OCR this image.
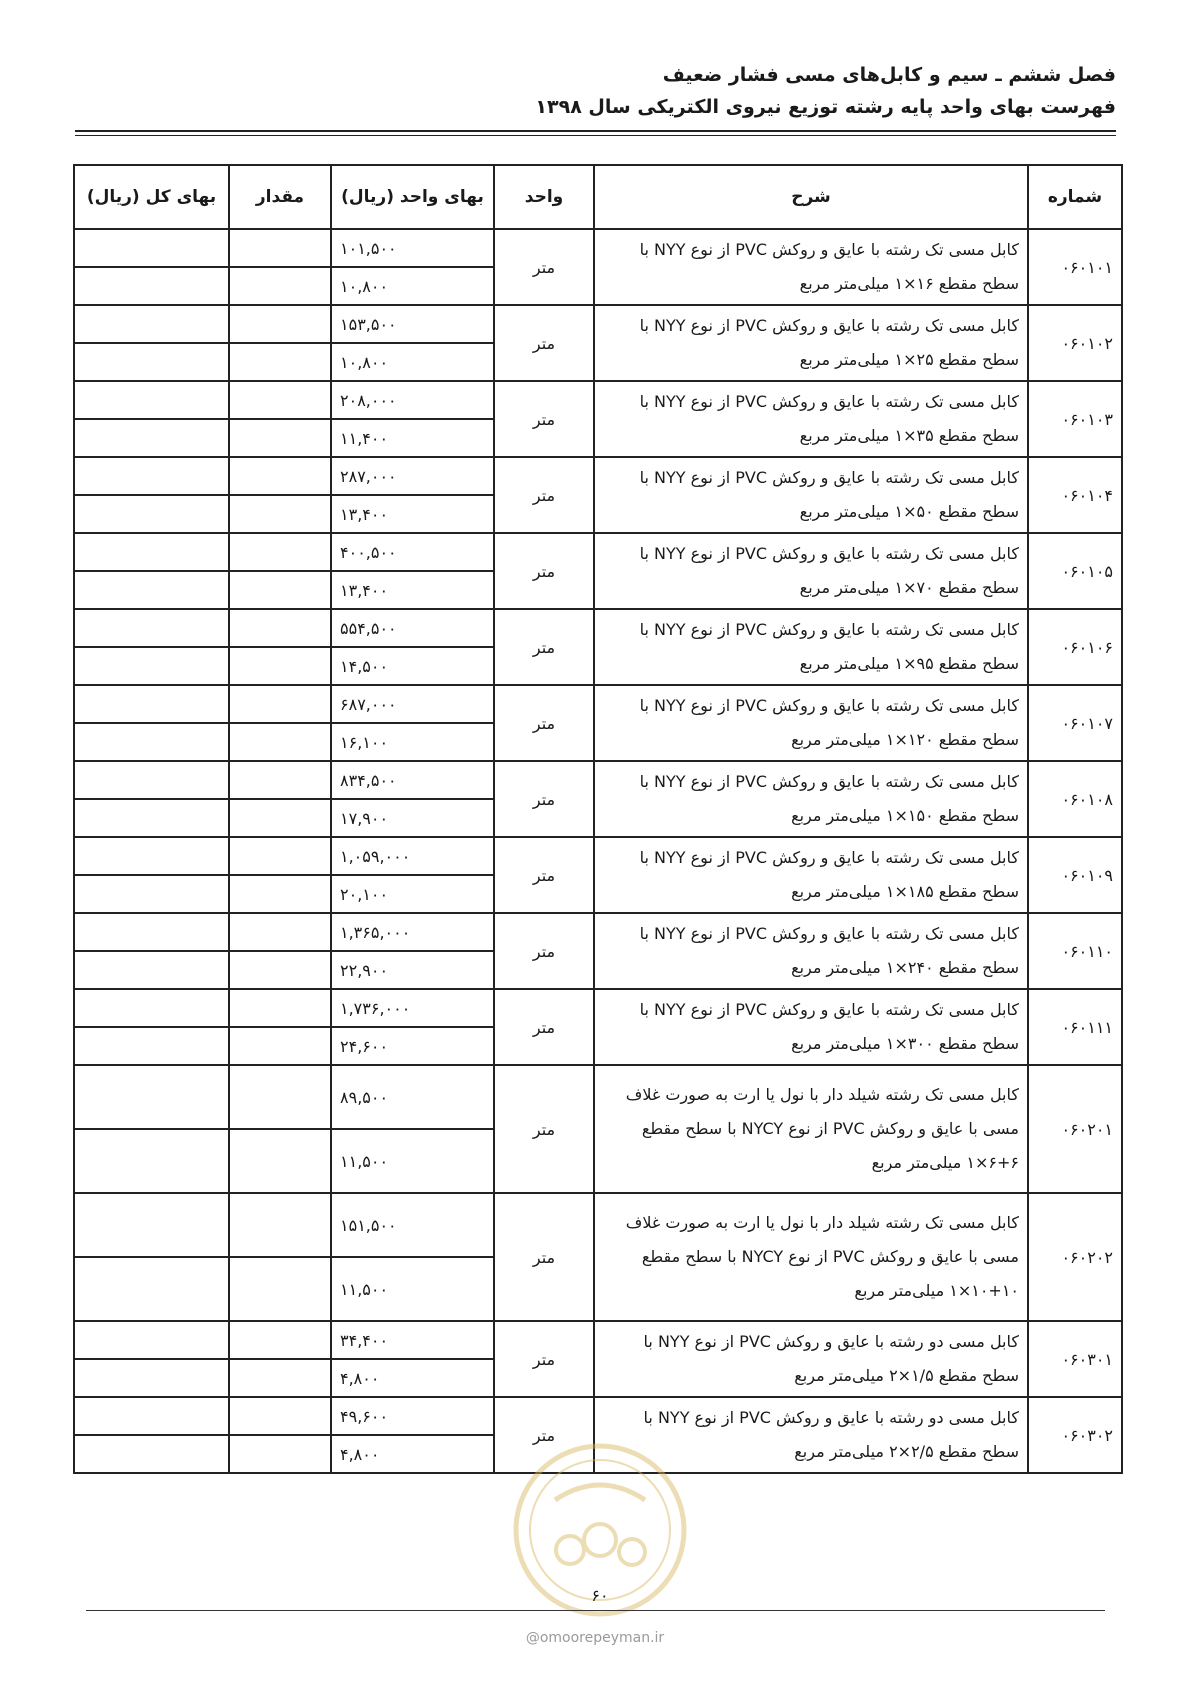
فصل ششم ـ سیم و کابل‌های مسی فشار ضعیف
فهرست بهای واحد پایه رشته توزیع نیروی الکتریکی سال ۱۳۹۸
شماره	شرح	واحد	بهای واحد (ریال)	مقدار	بهای کل (ریال)
۰۶۰۱۰۱	کابل مسی تک رشته با عایق و روکش PVC از نوع NYY با سطح مقطع ۱۶×۱ میلی‌متر مربع	متر	۱۰۱,۵۰۰		
			۱۰,۸۰۰		
۰۶۰۱۰۲	کابل مسی تک رشته با عایق و روکش PVC از نوع NYY با سطح مقطع ۲۵×۱ میلی‌متر مربع	متر	۱۵۳,۵۰۰		
			۱۰,۸۰۰		
۰۶۰۱۰۳	کابل مسی تک رشته با عایق و روکش PVC از نوع NYY با سطح مقطع ۳۵×۱ میلی‌متر مربع	متر	۲۰۸,۰۰۰		
			۱۱,۴۰۰		
۰۶۰۱۰۴	کابل مسی تک رشته با عایق و روکش PVC از نوع NYY با سطح مقطع ۵۰×۱ میلی‌متر مربع	متر	۲۸۷,۰۰۰		
			۱۳,۴۰۰		
۰۶۰۱۰۵	کابل مسی تک رشته با عایق و روکش PVC از نوع NYY با سطح مقطع ۷۰×۱ میلی‌متر مربع	متر	۴۰۰,۵۰۰		
			۱۳,۴۰۰		
۰۶۰۱۰۶	کابل مسی تک رشته با عایق و روکش PVC از نوع NYY با سطح مقطع ۹۵×۱ میلی‌متر مربع	متر	۵۵۴,۵۰۰		
			۱۴,۵۰۰		
۰۶۰۱۰۷	کابل مسی تک رشته با عایق و روکش PVC از نوع NYY با سطح مقطع ۱۲۰×۱ میلی‌متر مربع	متر	۶۸۷,۰۰۰		
			۱۶,۱۰۰		
۰۶۰۱۰۸	کابل مسی تک رشته با عایق و روکش PVC از نوع NYY با سطح مقطع ۱۵۰×۱ میلی‌متر مربع	متر	۸۳۴,۵۰۰		
			۱۷,۹۰۰		
۰۶۰۱۰۹	کابل مسی تک رشته با عایق و روکش PVC از نوع NYY با سطح مقطع ۱۸۵×۱ میلی‌متر مربع	متر	۱,۰۵۹,۰۰۰		
			۲۰,۱۰۰		
۰۶۰۱۱۰	کابل مسی تک رشته با عایق و روکش PVC از نوع NYY با سطح مقطع ۲۴۰×۱ میلی‌متر مربع	متر	۱,۳۶۵,۰۰۰		
			۲۲,۹۰۰		
۰۶۰۱۱۱	کابل مسی تک رشته با عایق و روکش PVC از نوع NYY با سطح مقطع ۳۰۰×۱ میلی‌متر مربع	متر	۱,۷۳۶,۰۰۰		
			۲۴,۶۰۰		
۰۶۰۲۰۱	کابل مسی تک رشته شیلد دار با نول یا ارت به صورت غلاف مسی با عایق و روکش PVC از نوع NYCY با سطح مقطع ۶+۶×۱ میلی‌متر مربع	متر	۸۹,۵۰۰		
			۱۱,۵۰۰		
۰۶۰۲۰۲	کابل مسی تک رشته شیلد دار با نول یا ارت به صورت غلاف مسی با عایق و روکش PVC از نوع NYCY با سطح مقطع ۱۰+۱۰×۱ میلی‌متر مربع	متر	۱۵۱,۵۰۰		
			۱۱,۵۰۰		
۰۶۰۳۰۱	کابل مسی دو رشته با عایق و روکش PVC از نوع NYY با سطح مقطع ۱/۵×۲ میلی‌متر مربع	متر	۳۴,۴۰۰		
			۴,۸۰۰		
۰۶۰۳۰۲	کابل مسی دو رشته با عایق و روکش PVC از نوع NYY با سطح مقطع ۲/۵×۲ میلی‌متر مربع	متر	۴۹,۶۰۰		
			۴,۸۰۰		
۶۰
@omoorepeyman.ir
